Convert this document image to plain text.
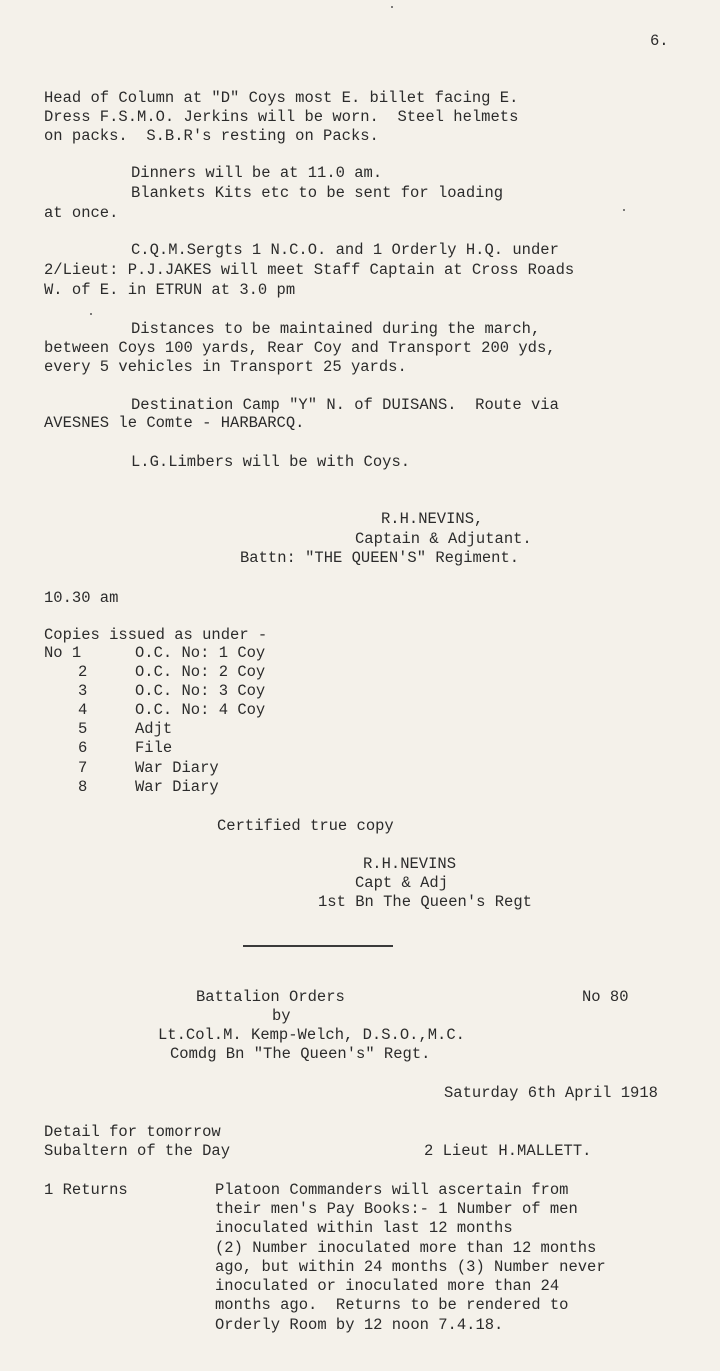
6.
Head of Column at "D" Coys most E. billet facing E.
Dress F.S.M.O. Jerkins will be worn.  Steel helmets
on packs.  S.B.R's resting on Packs.
Dinners will be at 11.0 am.
Blankets Kits etc to be sent for loading
at once.
C.Q.M.Sergts 1 N.C.O. and 1 Orderly H.Q. under
2/Lieut: P.J.JAKES will meet Staff Captain at Cross Roads
W. of E. in ETRUN at 3.0 pm
Distances to be maintained during the march,
between Coys 100 yards, Rear Coy and Transport 200 yds,
every 5 vehicles in Transport 25 yards.
Destination Camp "Y" N. of DUISANS.  Route via
AVESNES le Comte - HARBARCQ.
L.G.Limbers will be with Coys.
R.H.NEVINS,
Captain & Adjutant.
Battn: "THE QUEEN'S" Regiment.
10.30 am
Copies issued as under -
No 1	O.C. No: 1 Coy
2	O.C. No: 2 Coy
3	O.C. No: 3 Coy
4	O.C. No: 4 Coy
5	Adjt
6	File
7	War Diary
8	War Diary
Certified true copy
R.H.NEVINS
Capt & Adj
1st Bn The Queen's Regt
Battalion Orders	No 80
by
Lt.Col.M. Kemp-Welch, D.S.O.,M.C.
Comdg Bn "The Queen's" Regt.
Saturday 6th April 1918
Detail for tomorrow
Subaltern of the Day	2 Lieut H.MALLETT.
1 Returns	Platoon Commanders will ascertain from
their men's Pay Books:- 1 Number of men
inoculated within last 12 months
(2) Number inoculated more than 12 months
ago, but within 24 months (3) Number never
inoculated or inoculated more than 24
months ago.  Returns to be rendered to
Orderly Room by 12 noon 7.4.18.
